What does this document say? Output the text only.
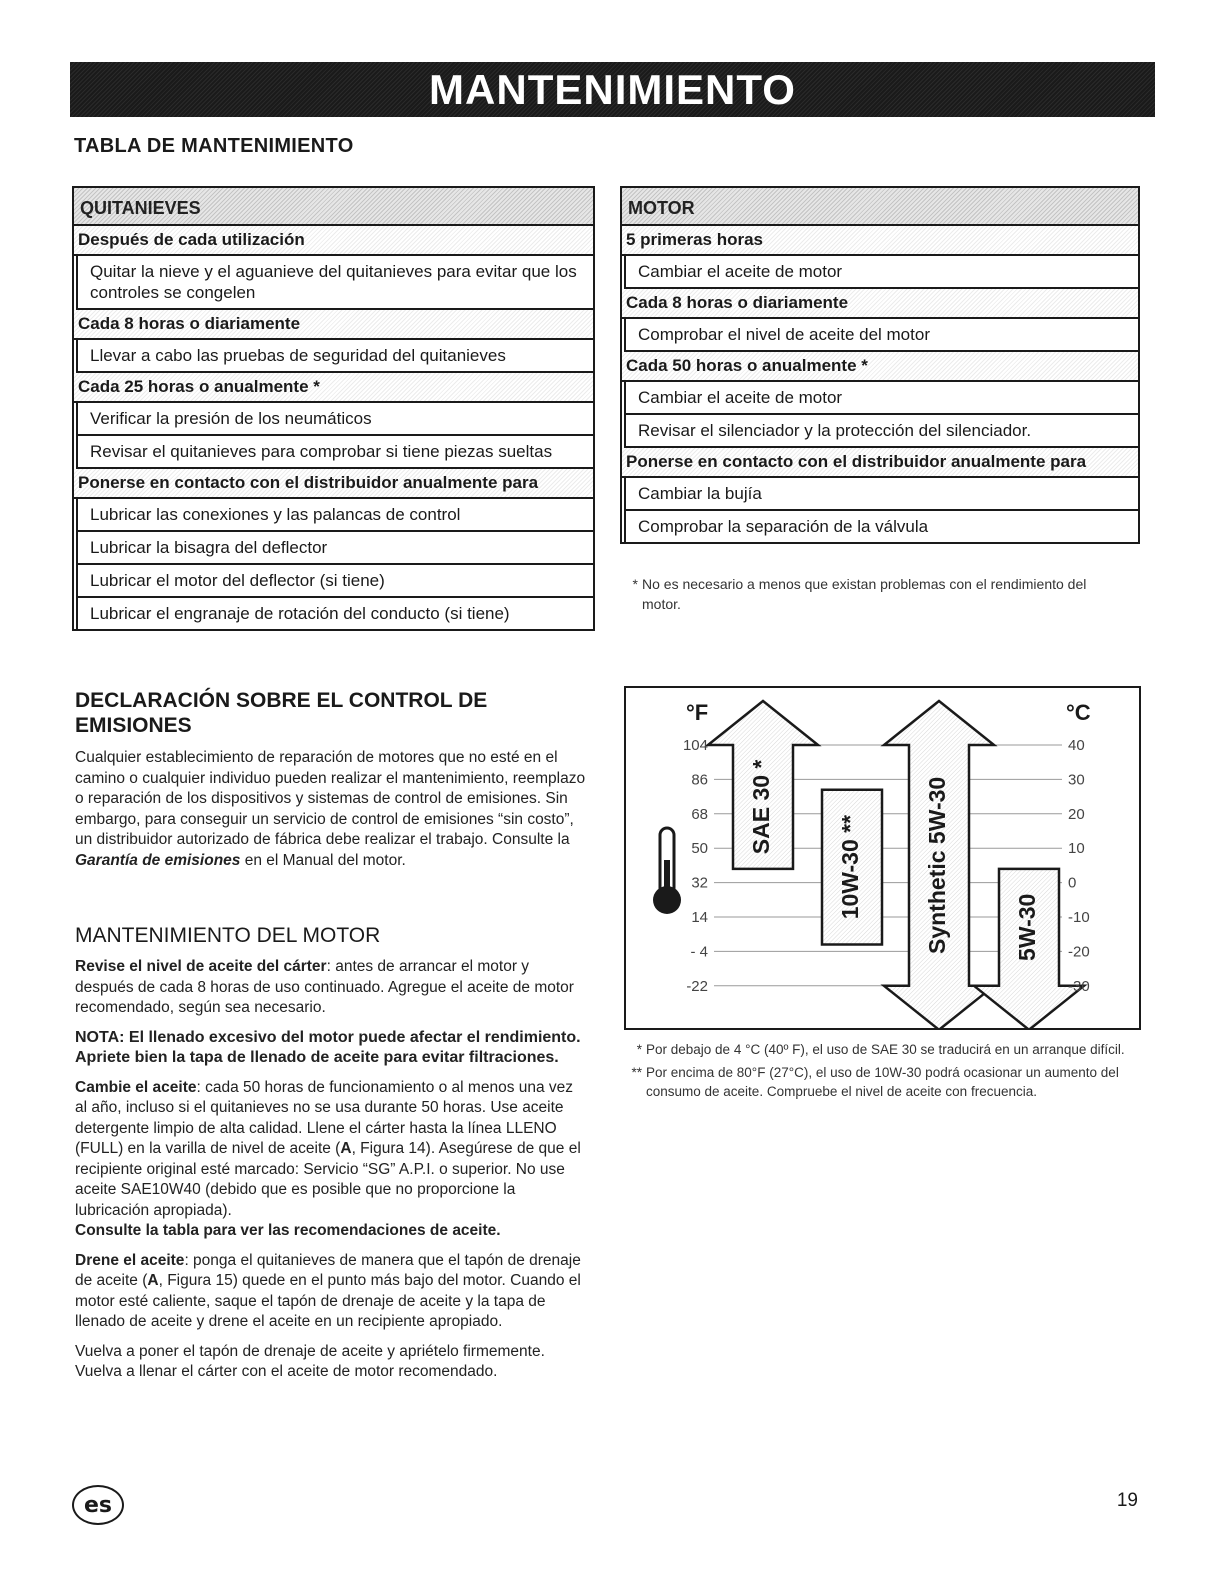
MANTENIMIENTO
TABLA DE MANTENIMIENTO
QUITANIEVES
Después de cada utilización
Quitar la nieve y el aguanieve del quitanieves para evitar que los controles se congelen
Cada 8 horas o diariamente
Llevar a cabo las pruebas de seguridad del quitanieves
Cada 25 horas o anualmente *
Verificar la presión de los neumáticos
Revisar el quitanieves para comprobar si tiene piezas sueltas
Ponerse en contacto con el distribuidor anualmente para
Lubricar las conexiones y las palancas de control
Lubricar la bisagra del deflector
Lubricar el motor del deflector (si tiene)
Lubricar el engranaje de rotación del conducto (si tiene)
MOTOR
5 primeras horas
Cambiar el aceite de motor
Cada 8 horas o diariamente
Comprobar el nivel de aceite del motor
Cada 50 horas o anualmente *
Cambiar el aceite de motor
Revisar el silenciador y la protección del silenciador.
Ponerse en contacto con el distribuidor anualmente para
Cambiar la bujía
Comprobar la separación de la válvula
* No es necesario a menos que existan problemas con el rendimiento del motor.
DECLARACIÓN SOBRE EL CONTROL DE EMISIONES
Cualquier establecimiento de reparación de motores que no esté en el camino o cualquier individuo pueden realizar el mantenimiento, reemplazo o reparación de los dispositivos y sistemas de control de emisiones. Sin embargo, para conseguir un servicio de control de emisiones “sin costo”, un distribuidor autorizado de fábrica debe realizar el trabajo. Consulte la Garantía de emisiones en el Manual del motor.
MANTENIMIENTO DEL MOTOR
Revise el nivel de aceite del cárter: antes de arrancar el motor y después de cada 8 horas de uso continuado. Agregue el aceite de motor recomendado, según sea necesario.
NOTA: El llenado excesivo del motor puede afectar el rendimiento. Apriete bien la tapa de llenado de aceite para evitar filtraciones.
Cambie el aceite: cada 50 horas de funcionamiento o al menos una vez al año, incluso si el quitanieves no se usa durante 50 horas. Use aceite detergente limpio de alta calidad. Llene el cárter hasta la línea LLENO (FULL) en la varilla de nivel de aceite (A, Figura 14). Asegúrese de que el recipiente original esté marcado: Servicio “SG” A.P.I. o superior. No use aceite SAE10W40 (debido que es posible que no proporcione la lubricación apropiada).
Consulte la tabla para ver las recomendaciones de aceite.
Drene el aceite: ponga el quitanieves de manera que el tapón de drenaje de aceite (A, Figura 15) quede en el punto más bajo del motor. Cuando el motor esté caliente, saque el tapón de drenaje de aceite y la tapa de llenado de aceite y drene el aceite en un recipiente apropiado.
Vuelva a poner el tapón de drenaje de aceite y apriételo firmemente. Vuelva a llenar el cárter con el aceite de motor recomendado.
°F	°C
104	40
86	30
68	20
50	10
32	0
14	-10
- 4	-20
-22	-30
SAE 30 *
10W-30 **	Synthetic 5W-30	5W-30
* Por debajo de 4 °C (40º F), el uso de SAE 30 se traducirá en un arranque difícil.
** Por encima de 80°F (27°C), el uso de 10W-30 podrá ocasionar un aumento del consumo de aceite. Compruebe el nivel de aceite con frecuencia.
es	19
